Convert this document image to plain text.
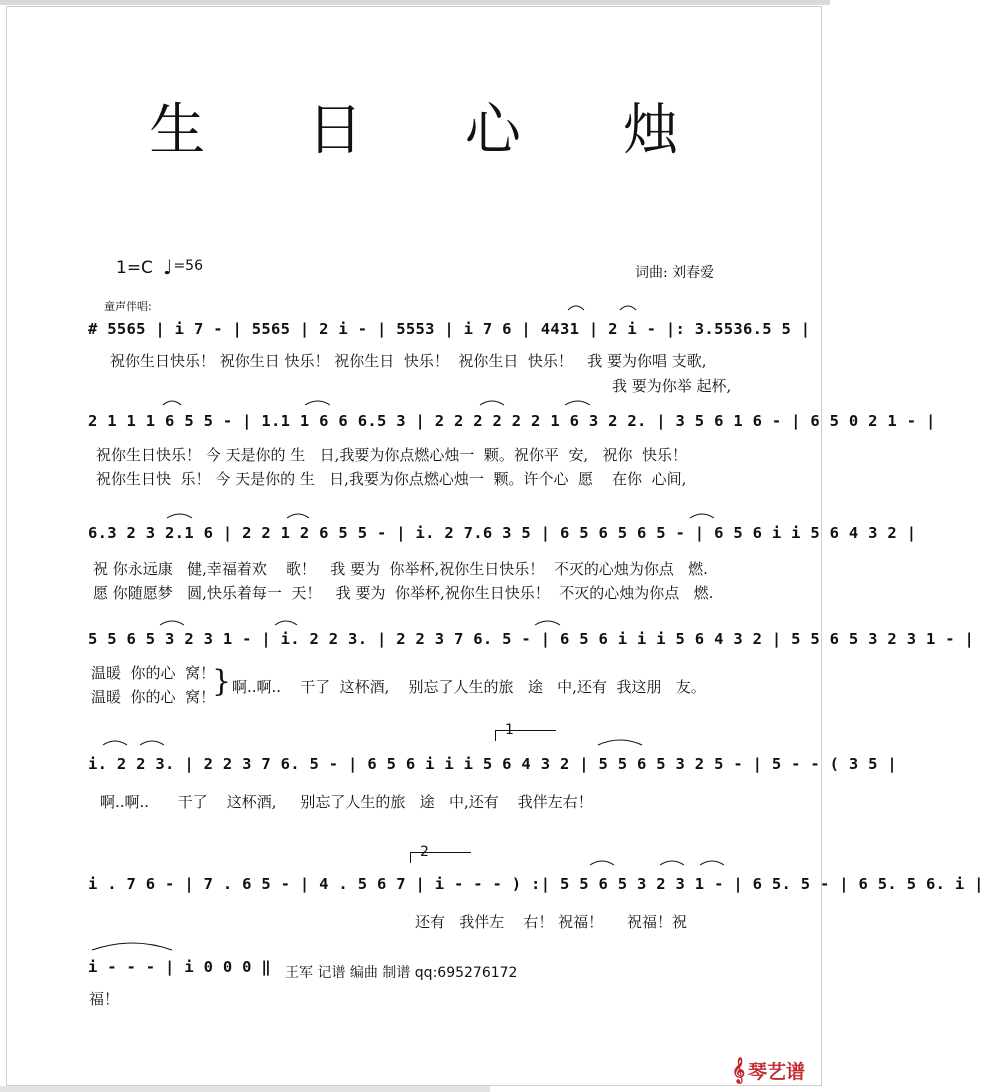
生 日 心 烛
1=C ♩ =56	词曲: 刘春爱
童声伴唱:
# 5565 | i 7 - | 5565 | 2 i - | 5553 | i 7 6 | 4431 | 2 i - |: 3.5536.5 5 |
祝你生日快乐！ 祝你生日 快乐！ 祝你生日  快乐！  祝你生日  快乐！   我 要为你唱 支歌,
我 要为你举 起杯,
2 1 1 1 6 5 5 - | 1.1 1 6 6 6.5 3 | 2 2 2 2 2 2 1 6 3 2 2. | 3 5 6 1 6 - | 6 5 0 2 1 - |
祝你生日快乐！ 今 天是你的 生   日,我要为你点燃心烛一  颗。祝你平  安,   祝你  快乐！
祝你生日快  乐！ 今 天是你的 生   日,我要为你点燃心烛一  颗。许个心  愿    在你  心间,
6.3 2 3 2.1 6 | 2 2 1 2 6 5 5 - | i. 2 7.6 3 5 | 6 5 6 5 6 5 - | 6 5 6 i i 5 6 4 3 2 |
祝 你永远康   健,幸福着欢    歌！   我 要为  你举杯,祝你生日快乐！  不灭的心烛为你点   燃.
愿 你随愿梦   圆,快乐着每一  天！   我 要为  你举杯,祝你生日快乐！  不灭的心烛为你点   燃.
5 5 6 5 3 2 3 1 - | i. 2 2 3. | 2 2 3 7 6. 5 - | 6 5 6 i i i 5 6 4 3 2 | 5 5 6 5 3 2 3 1 - |
温暖  你的心  窝！
温暖  你的心  窝！
} 啊..啊..    干了  这杯酒,    别忘了人生的旅   途   中,还有  我这朋   友。
1
i. 2 2 3. | 2 2 3 7 6. 5 - | 6 5 6 i i i 5 6 4 3 2 | 5 5 6 5 3 2 5 - | 5 - - ( 3 5 |
啊..啊..      干了    这杯酒,     别忘了人生的旅   途   中,还有    我伴左右！
2
i . 7 6 - | 7 . 6 5 - | 4 . 5 6 7 | i - - - ) :| 5 5 6 5 3 2 3 1 - | 6 5. 5 - | 6 5. 5 6. i |
还有   我伴左    右！ 祝福！     祝福！祝
i - - - | i 0 0 0 ‖
福！
王军 记谱 编曲 制谱 qq:695276172
𝄞 琴艺谱
